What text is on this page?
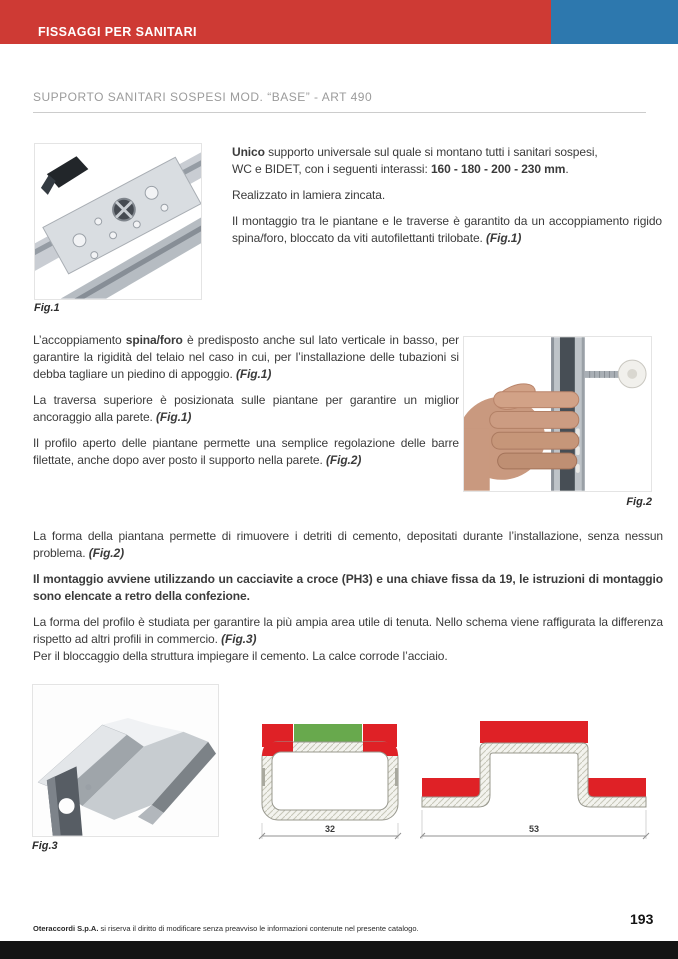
FISSAGGI PER SANITARI
SUPPORTO SANITARI SOSPESI MOD. “BASE” - ART 490
Fig.1

Unico supporto universale sul quale si montano tutti i sanitari sospesi,
WC e BIDET, con i seguenti interassi: 160 - 180 - 200 - 230 mm.

Realizzato in lamiera zincata.

Il montaggio tra le piantane e le traverse è garantito da un accoppiamento rigido spina/foro, bloccato da viti autofilettanti trilobate. (Fig.1)

L’accoppiamento spina/foro è predisposto anche sul lato verticale in basso, per garantire la rigidità del telaio nel caso in cui, per l’installazione delle tubazioni si debba tagliare un piedino di appoggio. (Fig.1)

La traversa superiore è posizionata sulle piantane per garantire un miglior ancoraggio alla parete. (Fig.1)

Il profilo aperto delle piantane permette una semplice regolazione delle barre filettate, anche dopo aver posto il supporto nella parete. (Fig.2)

Fig.2

La forma della piantana permette di rimuovere i detriti di cemento, depositati durante l’installazione, senza nessun problema. (Fig.2)

Il montaggio avviene utilizzando un cacciavite a croce (PH3) e una chiave fissa da 19, le istruzioni di montaggio sono elencate a retro della confezione.

La forma del profilo è studiata per garantire la più ampia area utile di tenuta. Nello schema viene raffigurata la differenza rispetto ad altri profili in commercio. (Fig.3)
Per il bloccaggio della struttura impiegare il cemento. La calce corrode l’acciaio.

Fig.3
32	53
Oteraccordi S.p.A. si riserva il diritto di modificare senza preavviso le informazioni contenute nel presente catalogo.
193
